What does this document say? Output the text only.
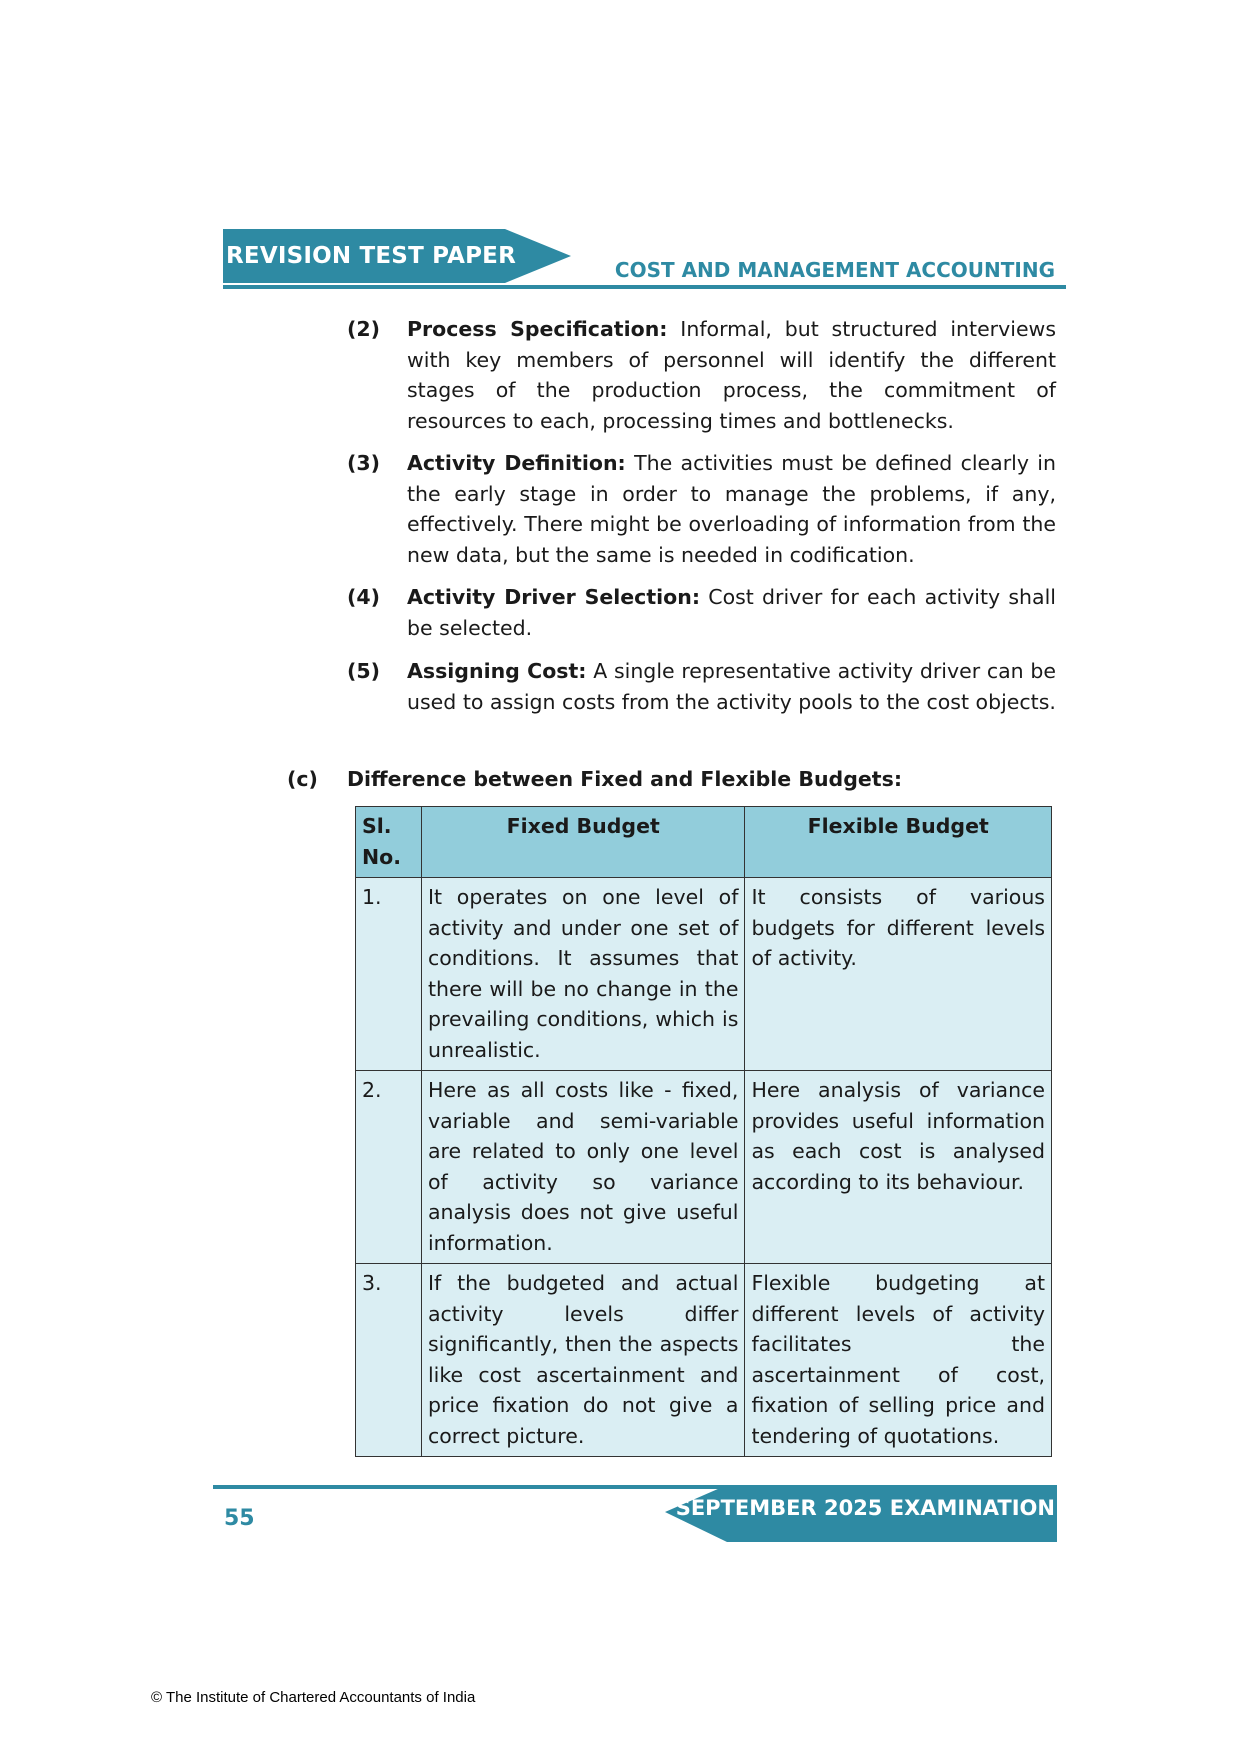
REVISION TEST PAPER
COST AND MANAGEMENT ACCOUNTING
(2) Process Specification: Informal, but structured interviews with key members of personnel will identify the different stages of the production process, the commitment of resources to each, processing times and bottlenecks.

(3) Activity Definition: The activities must be defined clearly in the early stage in order to manage the problems, if any, effectively. There might be overloading of information from the new data, but the same is needed in codification.

(4) Activity Driver Selection: Cost driver for each activity shall be selected.

(5) Assigning Cost: A single representative activity driver can be used to assign costs from the activity pools to the cost objects.

(c) Difference between Fixed and Flexible Budgets:
Sl. No.	Fixed Budget	Flexible Budget
1.	It operates on one level of activity and under one set of conditions. It assumes that there will be no change in the prevailing conditions, which is unrealistic.	It consists of various budgets for different levels of activity.
2.	Here as all costs like - fixed, variable and semi-variable are related to only one level of activity so variance analysis does not give useful information.	Here analysis of variance provides useful information as each cost is analysed according to its behaviour.
3.	If the budgeted and actual activity levels differ significantly, then the aspects like cost ascertainment and price fixation do not give a correct picture.	Flexible budgeting at different levels of activity facilitates the ascertainment of cost, fixation of selling price and tendering of quotations.
55	SEPTEMBER 2025 EXAMINATION
© The Institute of Chartered Accountants of India
